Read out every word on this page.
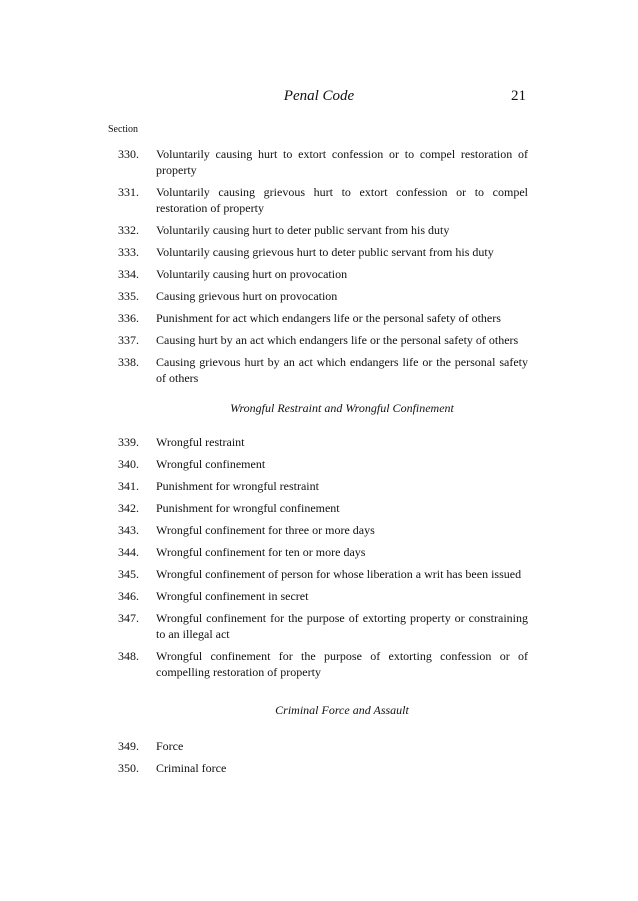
Penal Code	21
Section
330.	Voluntarily causing hurt to extort confession or to compel restoration of property
331.	Voluntarily causing grievous hurt to extort confession or to compel restoration of property
332.	Voluntarily causing hurt to deter public servant from his duty
333.	Voluntarily causing grievous hurt to deter public servant from his duty
334.	Voluntarily causing hurt on provocation
335.	Causing grievous hurt on provocation
336.	Punishment for act which endangers life or the personal safety of others
337.	Causing hurt by an act which endangers life or the personal safety of others
338.	Causing grievous hurt by an act which endangers life or the personal safety of others
Wrongful Restraint and Wrongful Confinement
339.	Wrongful restraint
340.	Wrongful confinement
341.	Punishment for wrongful restraint
342.	Punishment for wrongful confinement
343.	Wrongful confinement for three or more days
344.	Wrongful confinement for ten or more days
345.	Wrongful confinement of person for whose liberation a writ has been issued
346.	Wrongful confinement in secret
347.	Wrongful confinement for the purpose of extorting property or constraining to an illegal act
348.	Wrongful confinement for the purpose of extorting confession or of compelling restoration of property
Criminal Force and Assault
349.	Force
350.	Criminal force
